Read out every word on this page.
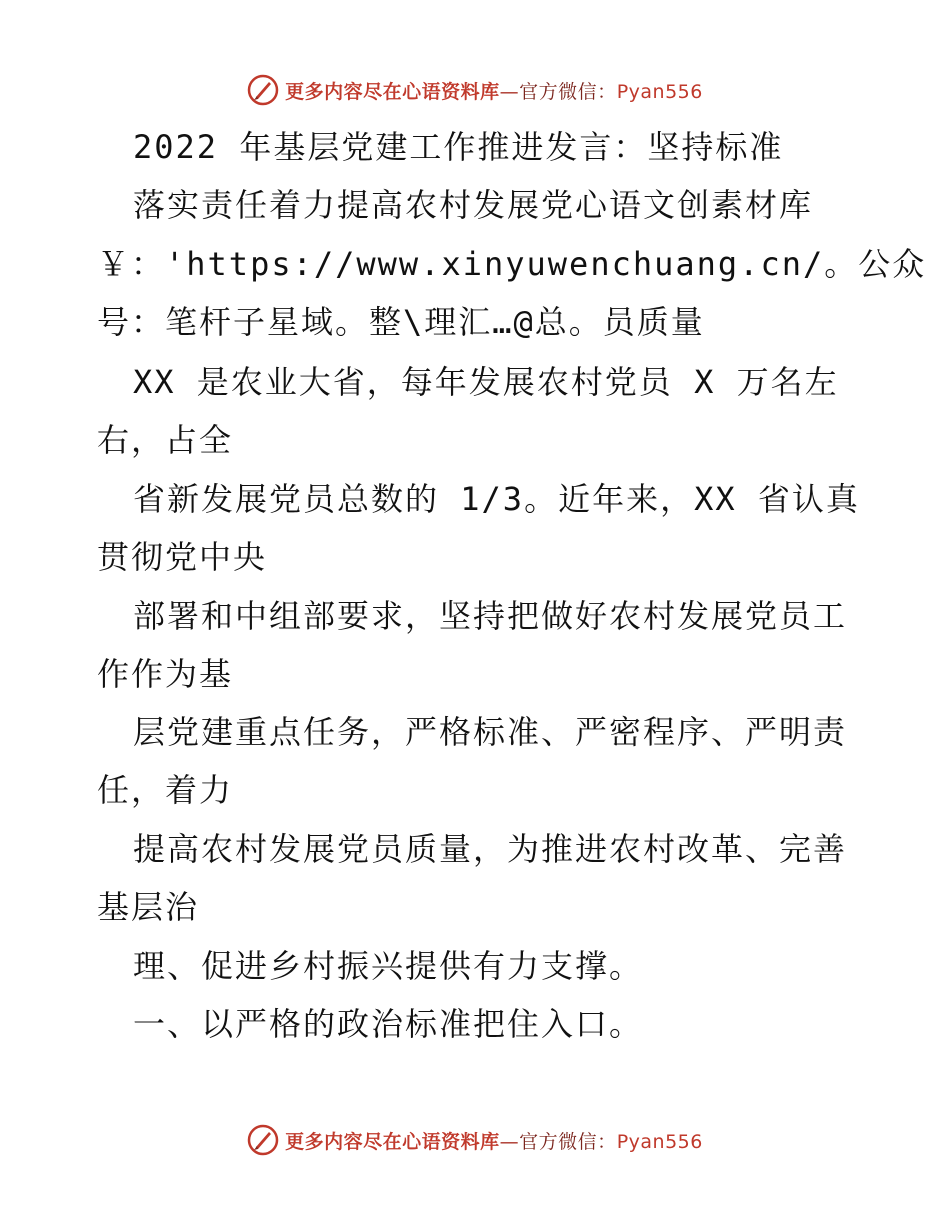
更多内容尽在心语资料库—官方微信：Pyan556
2022 年基层党建工作推进发言：坚持标准
落实责任着力提高农村发展党心语文创素材库
￥：'https://www.xinyuwenchuang.cn/。公众
号：笔杆子星域。整\理汇…@总。员质量
XX 是农业大省，每年发展农村党员 X 万名左
右，占全
省新发展党员总数的 1/3。近年来，XX 省认真
贯彻党中央
部署和中组部要求，坚持把做好农村发展党员工
作作为基
层党建重点任务，严格标准、严密程序、严明责
任，着力
提高农村发展党员质量，为推进农村改革、完善
基层治
理、促进乡村振兴提供有力支撑。
一、以严格的政治标准把住入口。
更多内容尽在心语资料库—官方微信：Pyan556
